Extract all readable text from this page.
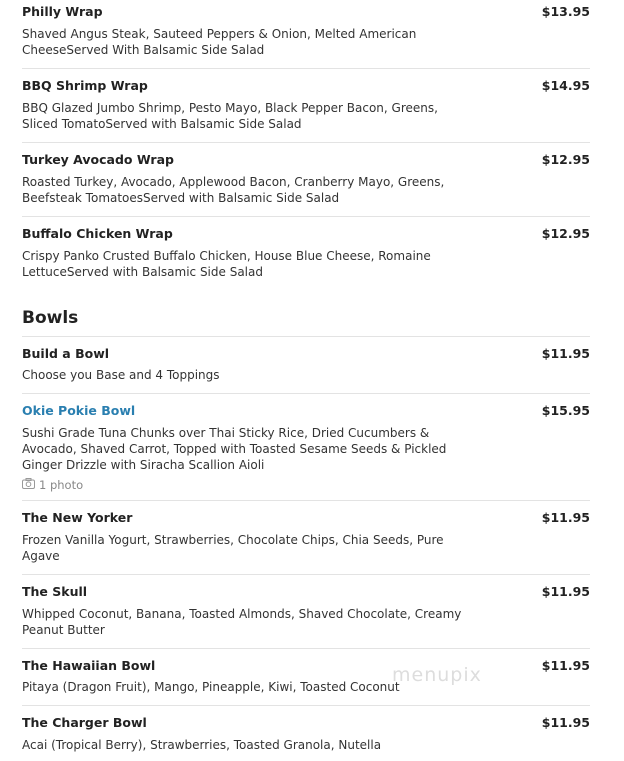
Philly Wrap	$13.95
Shaved Angus Steak, Sauteed Peppers & Onion, Melted American CheeseServed With Balsamic Side Salad
BBQ Shrimp Wrap	$14.95
BBQ Glazed Jumbo Shrimp, Pesto Mayo, Black Pepper Bacon, Greens, Sliced TomatoServed with Balsamic Side Salad
Turkey Avocado Wrap	$12.95
Roasted Turkey, Avocado, Applewood Bacon, Cranberry Mayo, Greens, Beefsteak TomatoesServed with Balsamic Side Salad
Buffalo Chicken Wrap	$12.95
Crispy Panko Crusted Buffalo Chicken, House Blue Cheese, Romaine LettuceServed with Balsamic Side Salad
Bowls
Build a Bowl	$11.95
Choose you Base and 4 Toppings
Okie Pokie Bowl	$15.95
Sushi Grade Tuna Chunks over Thai Sticky Rice, Dried Cucumbers & Avocado, Shaved Carrot, Topped with Toasted Sesame Seeds & Pickled Ginger Drizzle with Siracha Scallion Aioli
1 photo
The New Yorker	$11.95
Frozen Vanilla Yogurt, Strawberries, Chocolate Chips, Chia Seeds, Pure Agave
The Skull	$11.95
Whipped Coconut, Banana, Toasted Almonds, Shaved Chocolate, Creamy Peanut Butter
The Hawaiian Bowl	$11.95
Pitaya (Dragon Fruit), Mango, Pineapple, Kiwi, Toasted Coconut
The Charger Bowl	$11.95
Acai (Tropical Berry), Strawberries, Toasted Granola, Nutella
menupix
